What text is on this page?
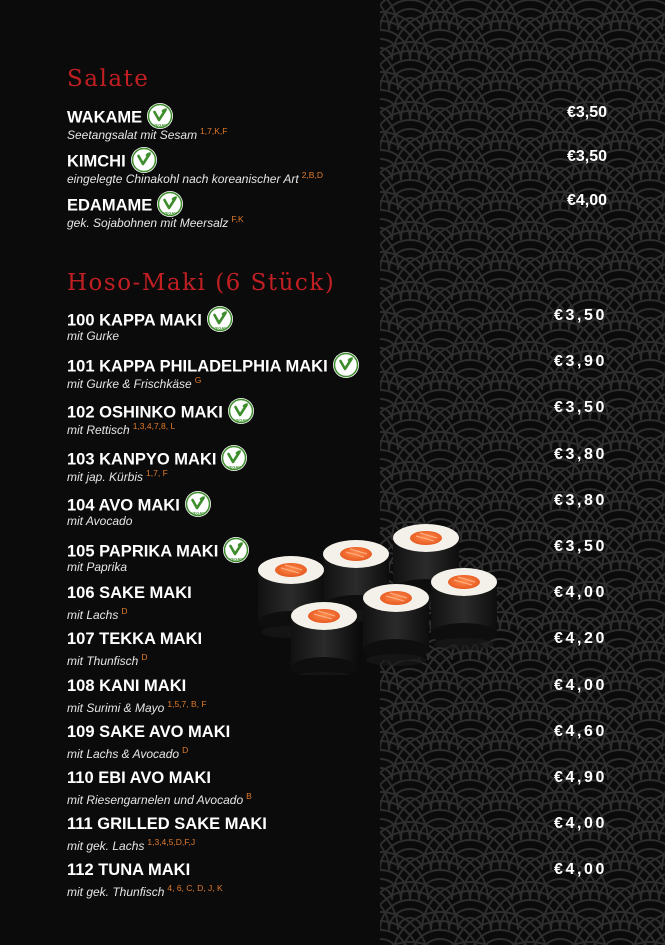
Salate
WAKAME	VEGAN
Seetangsalat mit Sesam $^{1,7,K,F}$
€3,50
KIMCHI
eingelegte Chinakohl nach koreanischer Art $^{2,B,D}$
€3,50
EDAMAME	VEGAN
gek. Sojabohnen mit Meersalz $^{F,K}$
€4,00
Hoso-Maki (6 Stück)
100 KAPPA MAKI	VEGAN
mit Gurke
€3,50
101 KAPPA PHILADELPHIA MAKI
mit Gurke & Frischkäse $^G$
€3,90
102 OSHINKO MAKI	VEGAN
mit Rettisch $^{1,3,4,7,8, L}$
€3,50
103 KANPYO MAKI	VEGAN
mit jap. Kürbis $^{1,7, F}$
€3,80
104 AVO MAKI	VEGAN
mit Avocado
€3,80
105 PAPRIKA MAKI	VEGAN
mit Paprika
€3,50
106 SAKE MAKI
mit Lachs $^D$
€4,00
107 TEKKA MAKI
mit Thunfisch $^D$
€4,20
108 KANI MAKI
mit Surimi & Mayo $^{1,5,7, B, F}$
€4,00
109 SAKE AVO MAKI
mit Lachs & Avocado $^D$
€4,60
110 EBI AVO MAKI
mit Riesengarnelen und Avocado $^B$
€4,90
111 GRILLED SAKE MAKI
mit gek. Lachs $^{1,3,4,5,D,F,J}$
€4,00
112 TUNA MAKI
mit gek. Thunfisch $^{4, 6, C, D, J, K}$
€4,00
